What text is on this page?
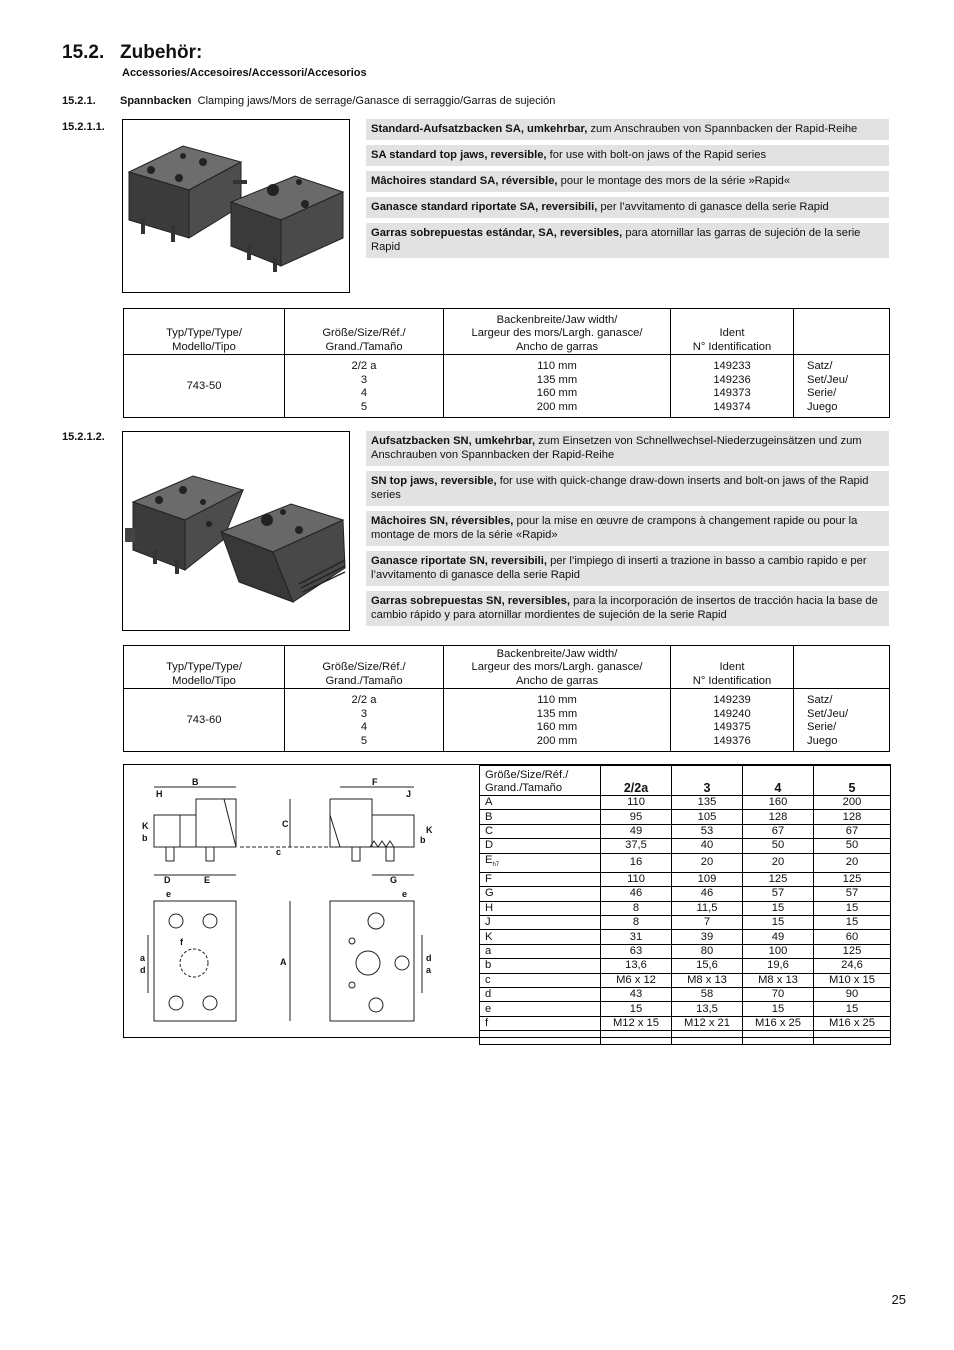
15.2. Zubehör:
Accessories/Accesoires/Accessori/Accesorios
15.2.1. Spannbacken Clamping jaws/Mors de serrage/Ganasce di serraggio/Garras de sujeción
15.2.1.1.	Standard-Aufsatzbacken SA, umkehrbar, zum Anschrauben von Spannbacken der Rapid-Reihe
SA standard top jaws, reversible, for use with bolt-on jaws of the Rapid series
Mâchoires standard SA, réversible, pour le montage des mors de la série »Rapid«
Ganasce standard riportate SA, reversibili, per l’avvitamento di ganasce della serie Rapid
Garras sobrepuestas estándar, SA, reversibles, para atornillar las garras de sujeción de la serie Rapid
Typ/Type/Type/
Modello/Tipo	Größe/Size/Réf./
Grand./Tamaño	Backenbreite/Jaw width/
Largeur des mors/Largh. ganasce/
Ancho de garras	Ident
N° Identification	
743-50	2/2 a
3
4
5	110 mm
135 mm
160 mm
200 mm	149233
149236
149373
149374	Satz/
Set/Jeu/
Serie/
Juego

15.2.1.2.	Aufsatzbacken SN, umkehrbar, zum Einsetzen von Schnellwechsel-Niederzugeinsätzen und zum Anschrauben von Spannbacken der Rapid-Reihe
SN top jaws, reversible, for use with quick-change draw-down inserts and bolt-on jaws of the Rapid series
Mâchoires SN, réversibles, pour la mise en œuvre de crampons à changement rapide ou pour la montage de mors de la série «Rapid»
Ganasce riportate SN, reversibili, per l’impiego di inserti a trazione in basso a cambio rapido e per l’avvitamento di ganasce della serie Rapid
Garras sobrepuestas SN, reversibles, para la incorporación de insertos de tracción hacia la base de cambio rápido y para atornillar mordientes de sujeción de la serie Rapid
Typ/Type/Type/
Modello/Tipo	Größe/Size/Réf./
Grand./Tamaño	Backenbreite/Jaw width/
Largeur des mors/Largh. ganasce/
Ancho de garras	Ident
N° Identification	
743-60	2/2 a
3
4
5	110 mm
135 mm
160 mm
200 mm	149239
149240
149375
149376	Satz/
Set/Jeu/
Serie/
Juego

B	F
H	J
K	K
b	b
C
c
D	E	G
e	e
a
d
d
a
A
f
Größe/Size/Réf./
Grand./Tamaño	2/2a	3	4	5
A	110	135	160	200
B	95	105	128	128
C	49	53	67	67
D	37,5	40	50	50
$E_{h7}$	16	20	20	20
F	110	109	125	125
G	46	46	57	57
H	8	11,5	15	15
J	8	7	15	15
K	31	39	49	60
a	63	80	100	125
b	13,6	15,6	19,6	24,6
c	M6 x 12	M8 x 13	M8 x 13	M10 x 15
d	43	58	70	90
e	15	13,5	15	15
f	M12 x 15	M12 x 21	M16 x 25	M16 x 25

25
